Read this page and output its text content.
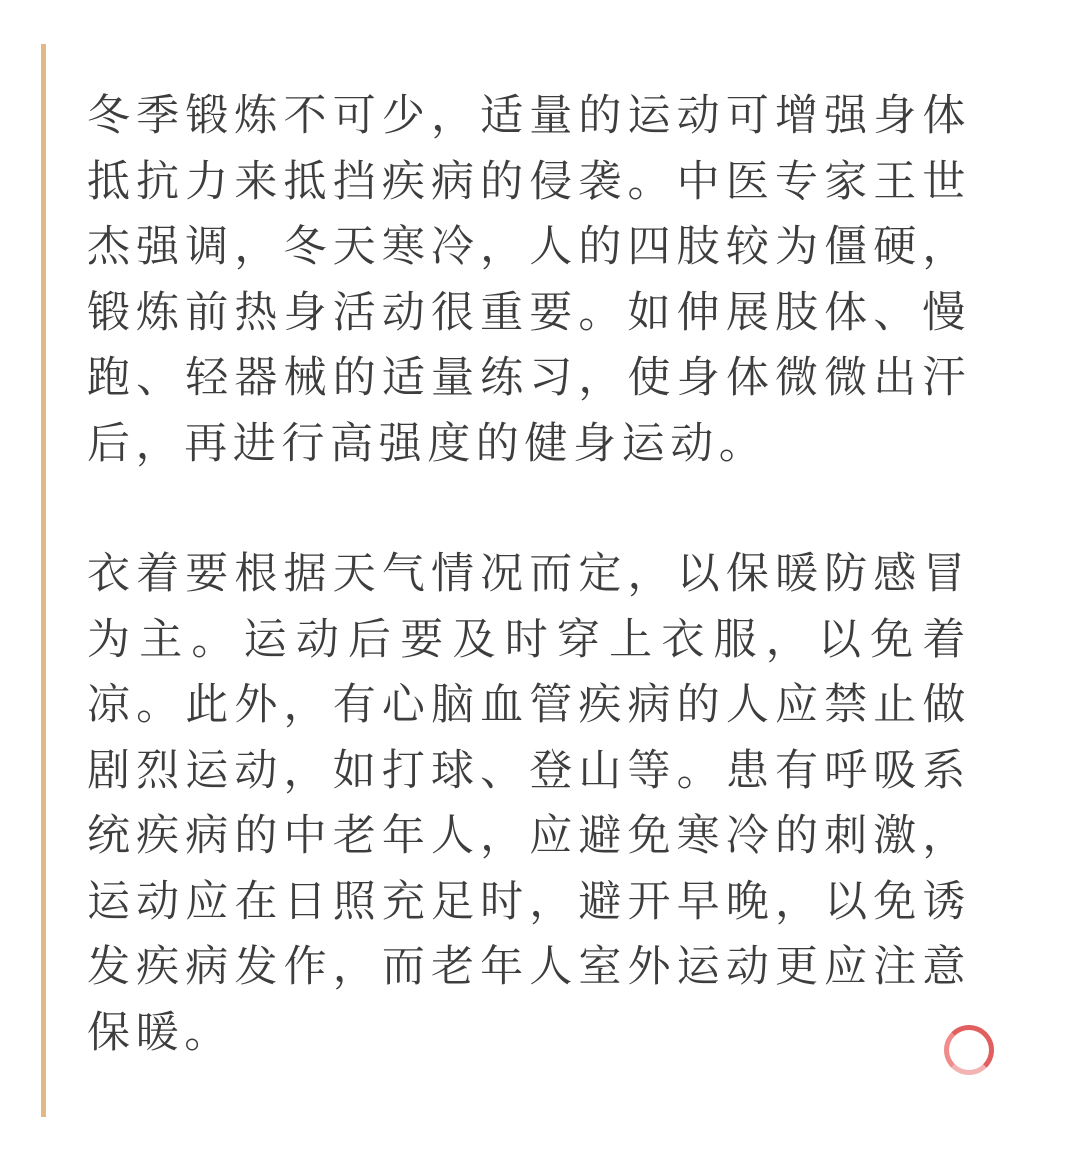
冬季锻炼不可少，适量的运动可增强身体抵抗力来抵挡疾病的侵袭。中医专家王世杰强调，冬天寒冷，人的四肢较为僵硬，锻炼前热身活动很重要。如伸展肢体、慢跑、轻器械的适量练习，使身体微微出汗后，再进行高强度的健身运动。

衣着要根据天气情况而定，以保暖防感冒为主。运动后要及时穿上衣服，以免着凉。此外，有心脑血管疾病的人应禁止做剧烈运动，如打球、登山等。患有呼吸系统疾病的中老年人，应避免寒冷的刺激，运动应在日照充足时，避开早晚，以免诱发疾病发作，而老年人室外运动更应注意保暖。
